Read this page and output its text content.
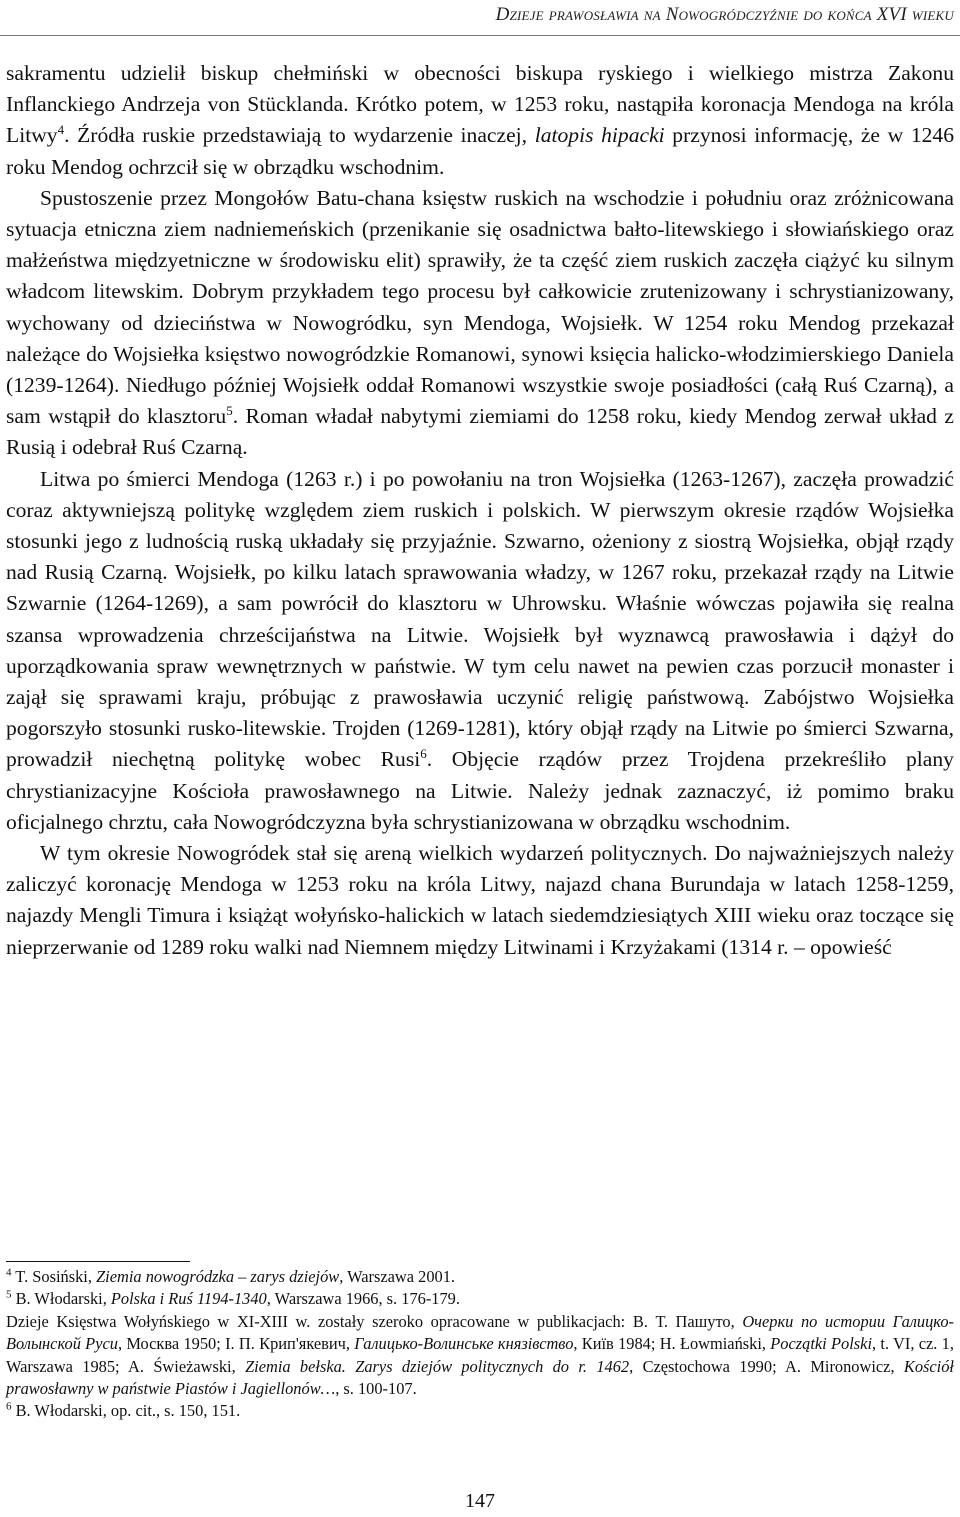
Dzieje prawosławia na Nowogródczyźnie do końca XVI wieku

sakramentu udzielił biskup chełmiński w obecności biskupa ryskiego i wielkiego mistrza Zakonu Inflanckiego Andrzeja von Stücklanda. Krótko potem, w 1253 roku, nastąpiła koronacja Mendoga na króla Litwy$^4$. Źródła ruskie przedstawiają to wydarzenie inaczej, latopis hipacki przynosi informację, że w 1246 roku Mendog ochrzcił się w obrządku wschodnim.

Spustoszenie przez Mongołów Batu-chana księstw ruskich na wschodzie i południu oraz zróżnicowana sytuacja etniczna ziem nadniemeńskich (przenikanie się osadnictwa bałto-litewskiego i słowiańskiego oraz małżeństwa międzyetniczne w środowisku elit) sprawiły, że ta część ziem ruskich zaczęła ciążyć ku silnym władcom litewskim. Dobrym przykładem tego procesu był całkowicie zrutenizowany i schrystianizowany, wychowany od dzieciństwa w Nowogródku, syn Mendoga, Wojsiełk. W 1254 roku Mendog przekazał należące do Wojsiełka księstwo nowogródzkie Romanowi, synowi księcia halicko-włodzimierskiego Daniela (1239-1264). Niedługo później Wojsiełk oddał Romanowi wszystkie swoje posiadłości (całą Ruś Czarną), a sam wstąpił do klasztoru$^5$. Roman władał nabytymi ziemiami do 1258 roku, kiedy Mendog zerwał układ z Rusią i odebrał Ruś Czarną.

Litwa po śmierci Mendoga (1263 r.) i po powołaniu na tron Wojsiełka (1263-1267), zaczęła prowadzić coraz aktywniejszą politykę względem ziem ruskich i polskich. W pierwszym okresie rządów Wojsiełka stosunki jego z ludnością ruską układały się przyjaźnie. Szwarno, ożeniony z siostrą Wojsiełka, objął rządy nad Rusią Czarną. Wojsiełk, po kilku latach sprawowania władzy, w 1267 roku, przekazał rządy na Litwie Szwarnie (1264-1269), a sam powrócił do klasztoru w Uhrowsku. Właśnie wówczas pojawiła się realna szansa wprowadzenia chrześcijaństwa na Litwie. Wojsiełk był wyznawcą prawosławia i dążył do uporządkowania spraw wewnętrznych w państwie. W tym celu nawet na pewien czas porzucił monaster i zajął się sprawami kraju, próbując z prawosławia uczynić religię państwową. Zabójstwo Wojsiełka pogorszyło stosunki rusko-litewskie. Trojden (1269-1281), który objął rządy na Litwie po śmierci Szwarna, prowadził niechętną politykę wobec Rusi$^6$. Objęcie rządów przez Trojdena przekreśliło plany chrystianizacyjne Kościoła prawosławnego na Litwie. Należy jednak zaznaczyć, iż pomimo braku oficjalnego chrztu, cała Nowogródczyzna była schrystianizowana w obrządku wschodnim.

W tym okresie Nowogródek stał się areną wielkich wydarzeń politycznych. Do najważniejszych należy zaliczyć koronację Mendoga w 1253 roku na króla Litwy, najazd chana Burundaja w latach 1258-1259, najazdy Mengli Timura i książąt wołyńsko-halickich w latach siedemdziesiątych XIII wieku oraz toczące się nieprzerwanie od 1289 roku walki nad Niemnem między Litwinami i Krzyżakami (1314 r. – opowieść

$^4$ T. Sosiński, Ziemia nowogródzka – zarys dziejów, Warszawa 2001.

$^5$ B. Włodarski, Polska i Ruś 1194-1340, Warszawa 1966, s. 176-179.

Dzieje Księstwa Wołyńskiego w XI-XIII w. zostały szeroko opracowane w publikacjach: В. Т. Пашуто, Очерки по истории Галицко-Волынской Руси, Москва 1950; І. П. Крип'якевич, Галицько-Волинське князівство, Київ 1984; H. Łowmiański, Początki Polski, t. VI, cz. 1, Warszawa 1985; A. Świeżawski, Ziemia bełska. Zarys dziejów politycznych do r. 1462, Częstochowa 1990; A. Mironowicz, Kościół prawosławny w państwie Piastów i Jagiellonów…, s. 100-107.

$^6$ B. Włodarski, op. cit., s. 150, 151.

147
